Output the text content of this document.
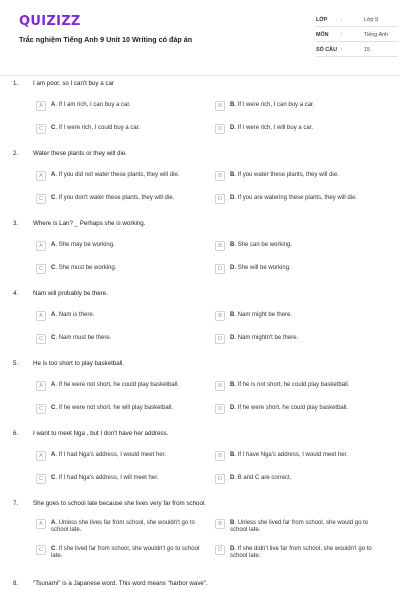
QUIZIZZ
Trắc nghiệm Tiếng Anh 9 Unit 10 Writing có đáp án
LỚP	:	Lớp 9
MÔN :	Tiếng Anh
SỐ CÂU :	15
1. I am poor, so I can't buy a car
A	A. If I am rich, I can buy a car.	B	B. If I were rich, I can buy a car.
C	C. If I were rich, I could buy a car.	D	D. If I were rich, I will buy a car.
2. Water these plants or they will die.
A	A. If you did not water these plants, they will die.	B	B. If you water these plants, they will die.
C	C. If you don't water these plants, they will die.	D	D. If you are watering these plants, they will die.
3. Where is Lan? _ Perhaps she is working.
A	A. She may be working.	B	B. She can be working.
C	C. She must be working.	D	D. She will be working.
4. Nam will probably be there.
A	A. Nam is there.	B	B. Nam might be there.
C	C. Nam must be there.	D	D. Nam mightn't be there.
5. He is too short to play basketball.
A	A. If he were not short, he could play basketball.	B	B. If he is not short, he could play basketball.
C	C. If he were not short, he will play basketball.	D	D. If he were short, he could play basketball.
6. I want to meet Nga , but I don't have her address.
A	A. If I had Nga's address, I would meet her.	B	B. If I have Nga's address, I would meet her.
C	C. If I had Nga's address, I will meet her.	D	D. B and C are correct.
7. She goes to school late because she lives very far from school.
A	A. Unless she lives far from school, she wouldn't go to school late.
B	B. Unless she lived far from school, she would go to school late.
C	C. If she lived far from school, she wouldn't go to school late.
D	D. If she didn't live far from school, she wouldn't go to school late.
8. "Tsunami" is a Japanese word. This word means "harbor wave".
